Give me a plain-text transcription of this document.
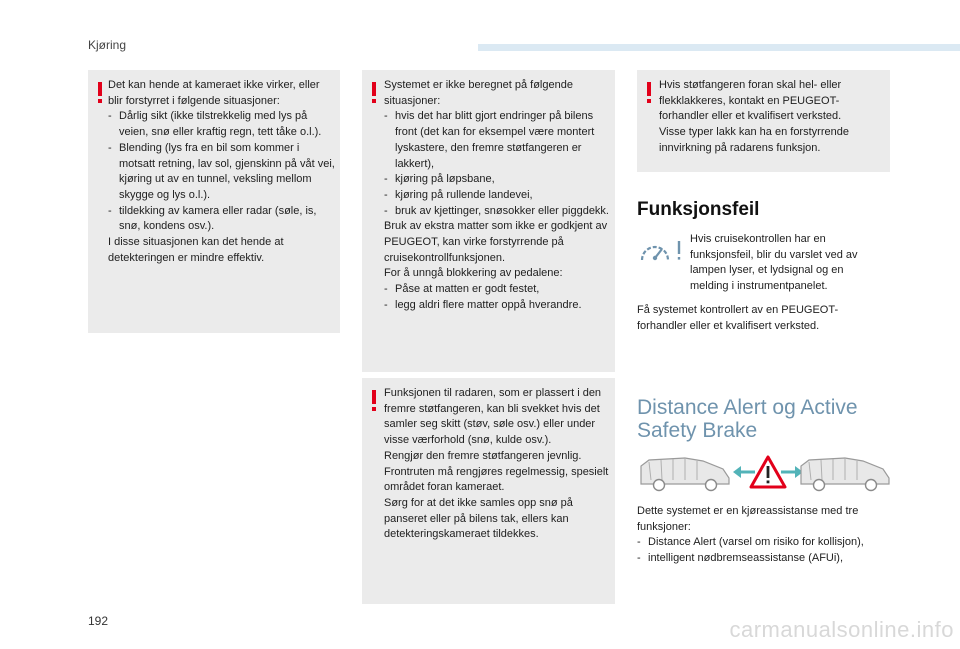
Kjøring

Det kan hende at kameraet ikke virker, eller blir forstyrret i følgende situasjoner:

- Dårlig sikt (ikke tilstrekkelig med lys på veien, snø eller kraftig regn, tett tåke o.l.).

- Blending (lys fra en bil som kommer i motsatt retning, lav sol, gjenskinn på våt vei, kjøring ut av en tunnel, veksling mellom skygge og lys o.l.).

- tildekking av kamera eller radar (søle, is, snø, kondens osv.).

I disse situasjonen kan det hende at detekteringen er mindre effektiv.

Systemet er ikke beregnet på følgende situasjoner:

- hvis det har blitt gjort endringer på bilens front (det kan for eksempel være montert lyskastere, den fremre støtfangeren er lakkert),

- kjøring på løpsbane,

- kjøring på rullende landevei,

- bruk av kjettinger, snøsokker eller piggdekk.

Bruk av ekstra matter som ikke er godkjent av PEUGEOT, kan virke forstyrrende på cruisekontrollfunksjonen.

For å unngå blokkering av pedalene:

- Påse at matten er godt festet,

- legg aldri flere matter oppå hverandre.

Funksjonen til radaren, som er plassert i den fremre støtfangeren, kan bli svekket hvis det samler seg skitt (støv, søle osv.) eller under visse værforhold (snø, kulde osv.).

Rengjør den fremre støtfangeren jevnlig.

Frontruten må rengjøres regelmessig, spesielt området foran kameraet.

Sørg for at det ikke samles opp snø på panseret eller på bilens tak, ellers kan detekteringskameraet tildekkes.

Hvis støtfangeren foran skal hel- eller flekklakkeres, kontakt en PEUGEOT-forhandler eller et kvalifisert verksted.

Visse typer lakk kan ha en forstyrrende innvirkning på radarens funksjon.

Funksjonsfeil
Hvis cruisekontrollen har en funksjonsfeil, blir du varslet ved av lampen lyser, et lydsignal og en melding i instrumentpanelet.
Få systemet kontrollert av en PEUGEOT-forhandler eller et kvalifisert verksted.
Distance Alert og Active
Safety Brake

Dette systemet er en kjøreassistanse med tre funksjoner:

- Distance Alert (varsel om risiko for kollisjon),

- intelligent nødbremseassistanse (AFUi),

192	carmanualsonline.info
